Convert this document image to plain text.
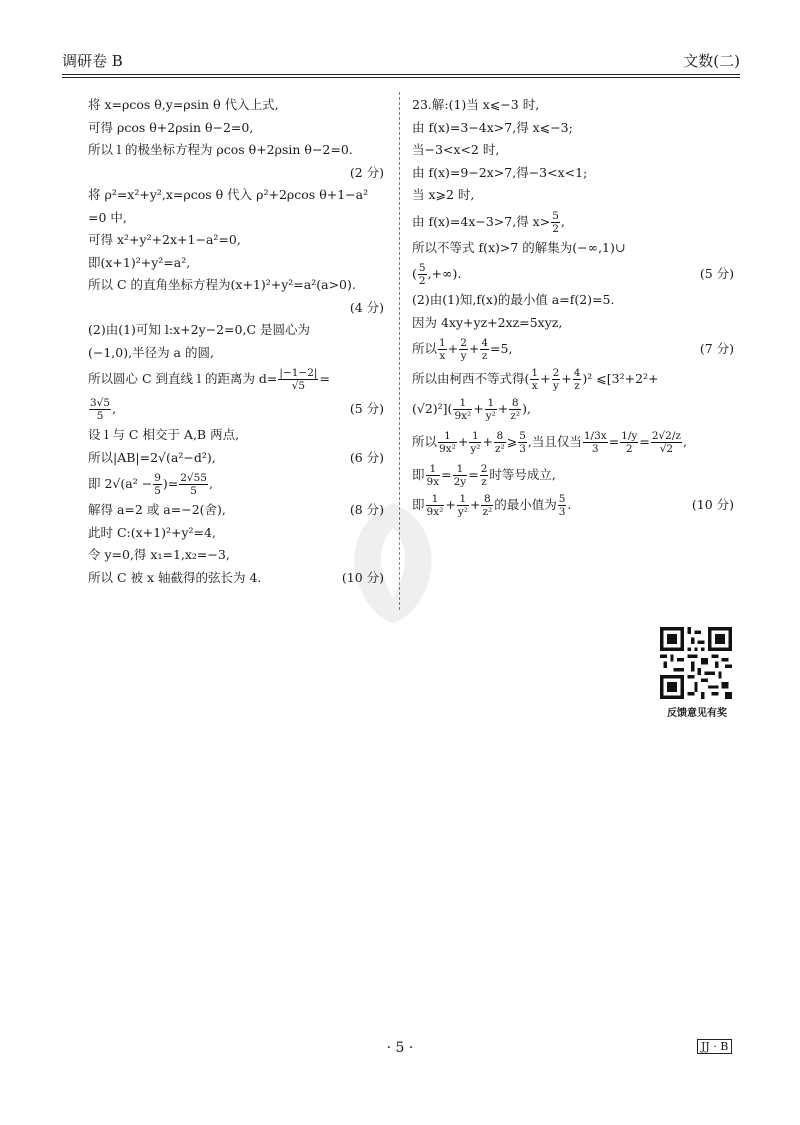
调研卷 B	文数(二)
将 x=ρcos θ,y=ρsin θ 代入上式,
可得 ρcos θ+2ρsin θ−2=0,
所以 l 的极坐标方程为 ρcos θ+2ρsin θ−2=0.
(2 分)

将 ρ²=x²+y²,x=ρcos θ 代入 ρ²+2ρcos θ+1−a²
=0 中,
可得 x²+y²+2x+1−a²=0,
即(x+1)²+y²=a²,
所以 C 的直角坐标方程为(x+1)²+y²=a²(a>0).
(4 分)

(2)由(1)可知 l:x+2y−2=0,C 是圆心为
(−1,0),半径为 a 的圆,
所以圆心 C 到直线 l 的距离为 $d= \frac{|-1-2|}{√5}$ =
$\frac{3√5}{5}$ ,	(5 分)
设 l 与 C 相交于 A,B 两点,
所以|AB|=2√(a²−d²),	(6 分)
即 $2√(a^2 - \frac{9}{5}$ )= $\frac{2√55}{5}$ ,
解得 a=2 或 a=−2(舍),	(8 分)
此时 C:(x+1)²+y²=4,
令 y=0,得 x₁=1,x₂=−3,
所以 C 被 x 轴截得的弦长为 4.	(10 分)
23.解:(1)当 x⩽−3 时,
由 f(x)=3−4x>7,得 x⩽−3;
当−3<x<2 时,
由 f(x)=9−2x>7,得−3<x<1;
当 x⩾2 时,
由 f(x)=4x−3>7,得 $x> \frac{5}{2}$ ,
所以不等式 f(x)>7 的解集为(−∞,1)∪
( $\frac{5}{2}$ ,+∞).	(5 分)
(2)由(1)知,f(x)的最小值 a=f(2)=5.
因为 4xy+yz+2xz=5xyz,
所以 $\frac{1}{x} + \frac{2}{y} + \frac{4}{z} =5$,	(7 分)
所以由柯西不等式得( $\frac{1}{x} + \frac{2}{y} + \frac{4}{z} )^2$ ⩽[3²+2²+
$(√2)^2]( \frac{1}{\text{9x²}} + \frac{1}{\text{y²}} + \frac{8}{\text{z²}}$ ),
所以 $\frac{1}{\text{9x²}} + \frac{1}{\text{y²}} + \frac{8}{\text{z²}}$ ⩾ $\frac{5}{3}$ ,当且仅当 $\frac{1/3x}{3} = \frac{1/y}{2} = \frac{2√2/z}{√2}$ ,
即 $\frac{1}{9x} = \frac{1}{2y} = \frac{2}{z}$ 时等号成立,
即 $\frac{1}{\text{9x²}} + \frac{1}{\text{y²}} + \frac{8}{\text{z²}}$ 的最小值为 $\frac{5}{3}$ .	(10 分)
反馈意见有奖
· 5 ·	JJ · B
